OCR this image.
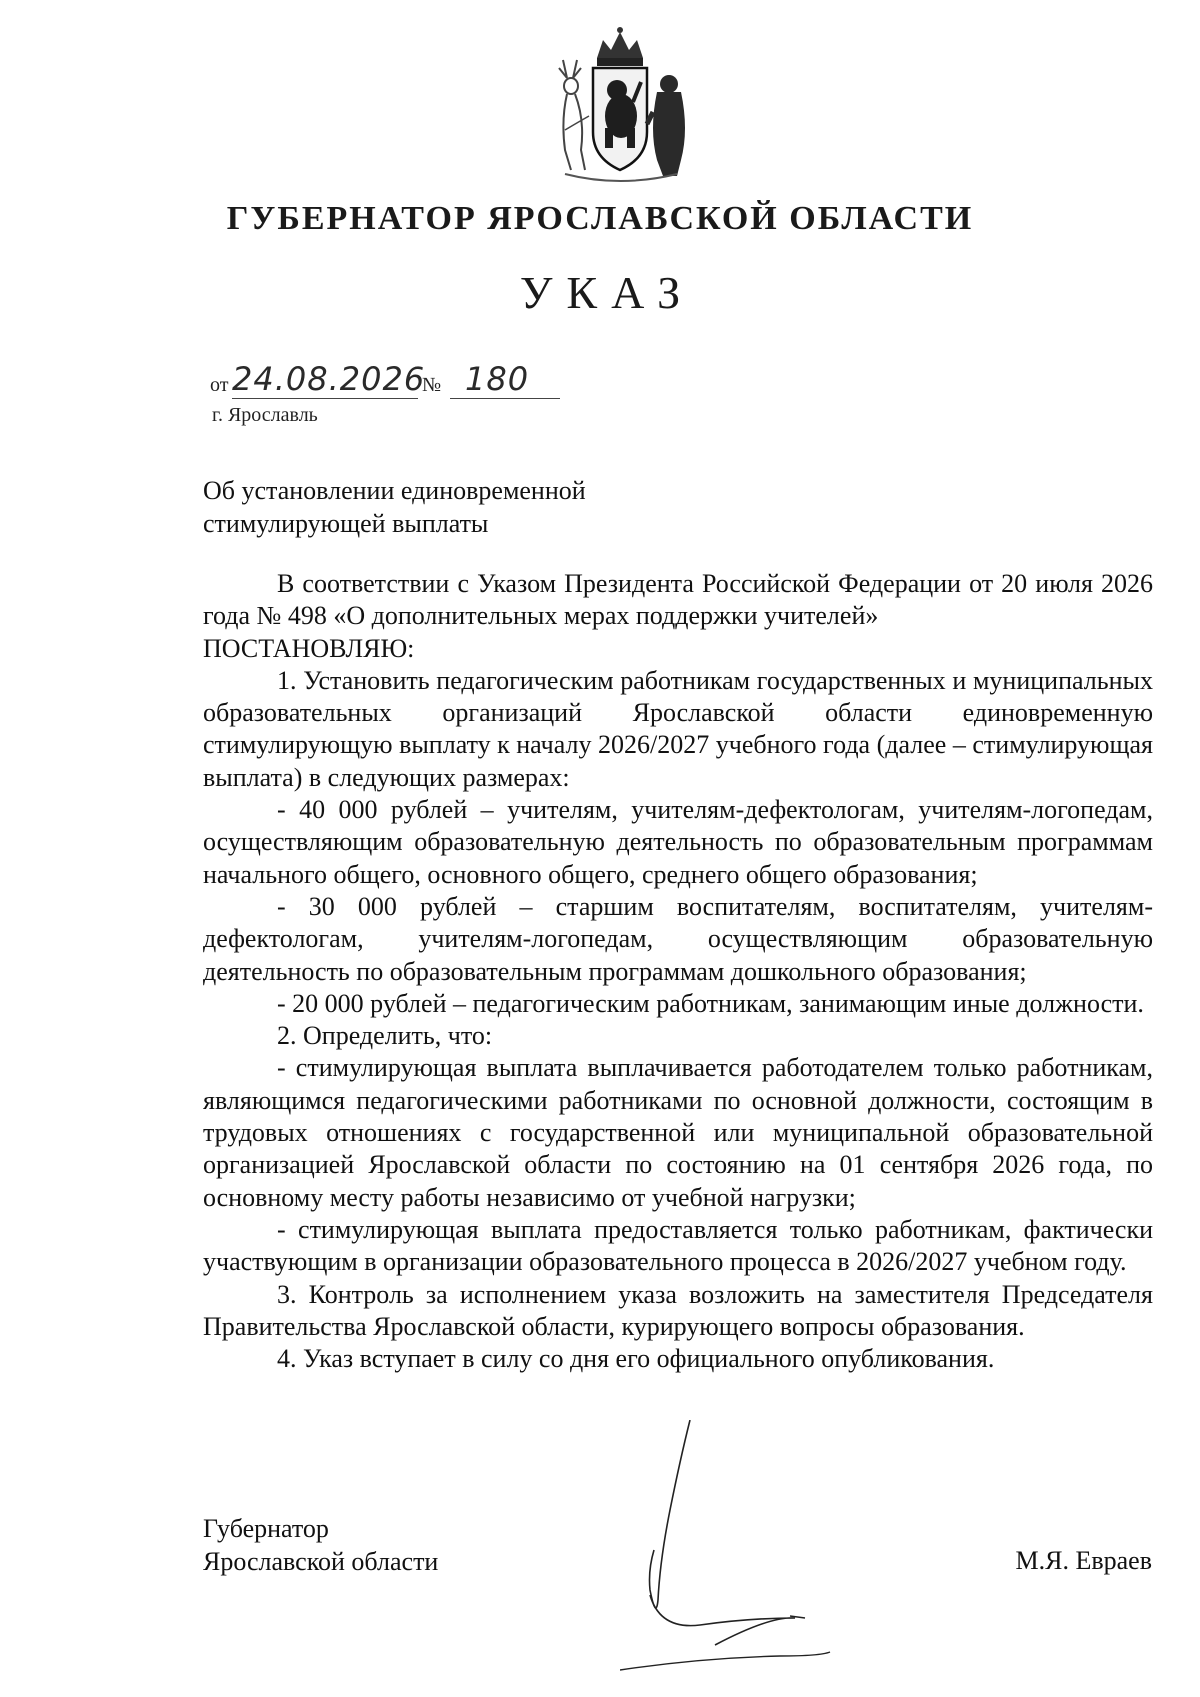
ГУБЕРНАТОР ЯРОСЛАВСКОЙ ОБЛАСТИ
УКАЗ
от 24.08.2026
№ 180
г. Ярославль
Об установлении единовременной
стимулирующей выплаты

В соответствии с Указом Президента Российской Федерации от 20 июля 2026 года № 498 «О дополнительных мерах поддержки учителей»

ПОСТАНОВЛЯЮ:

1. Установить педагогическим работникам государственных и муниципальных образовательных организаций Ярославской области единовременную стимулирующую выплату к началу 2026/2027 учебного года (далее – стимулирующая выплата) в следующих размерах:

- 40 000 рублей – учителям, учителям-дефектологам, учителям-логопедам, осуществляющим образовательную деятельность по образовательным программам начального общего, основного общего, среднего общего образования;

- 30 000 рублей – старшим воспитателям, воспитателям, учителям-дефектологам, учителям-логопедам, осуществляющим образовательную деятельность по образовательным программам дошкольного образования;

- 20 000 рублей – педагогическим работникам, занимающим иные должности.

2. Определить, что:

- стимулирующая выплата выплачивается работодателем только работникам, являющимся педагогическими работниками по основной должности, состоящим в трудовых отношениях с государственной или муниципальной образовательной организацией Ярославской области по состоянию на 01 сентября 2026 года, по основному месту работы независимо от учебной нагрузки;

- стимулирующая выплата предоставляется только работникам, фактически участвующим в организации образовательного процесса в 2026/2027 учебном году.

3. Контроль за исполнением указа возложить на заместителя Председателя Правительства Ярославской области, курирующего вопросы образования.

4. Указ вступает в силу со дня его официального опубликования.

Губернатор
Ярославской области	М.Я. Евраев
